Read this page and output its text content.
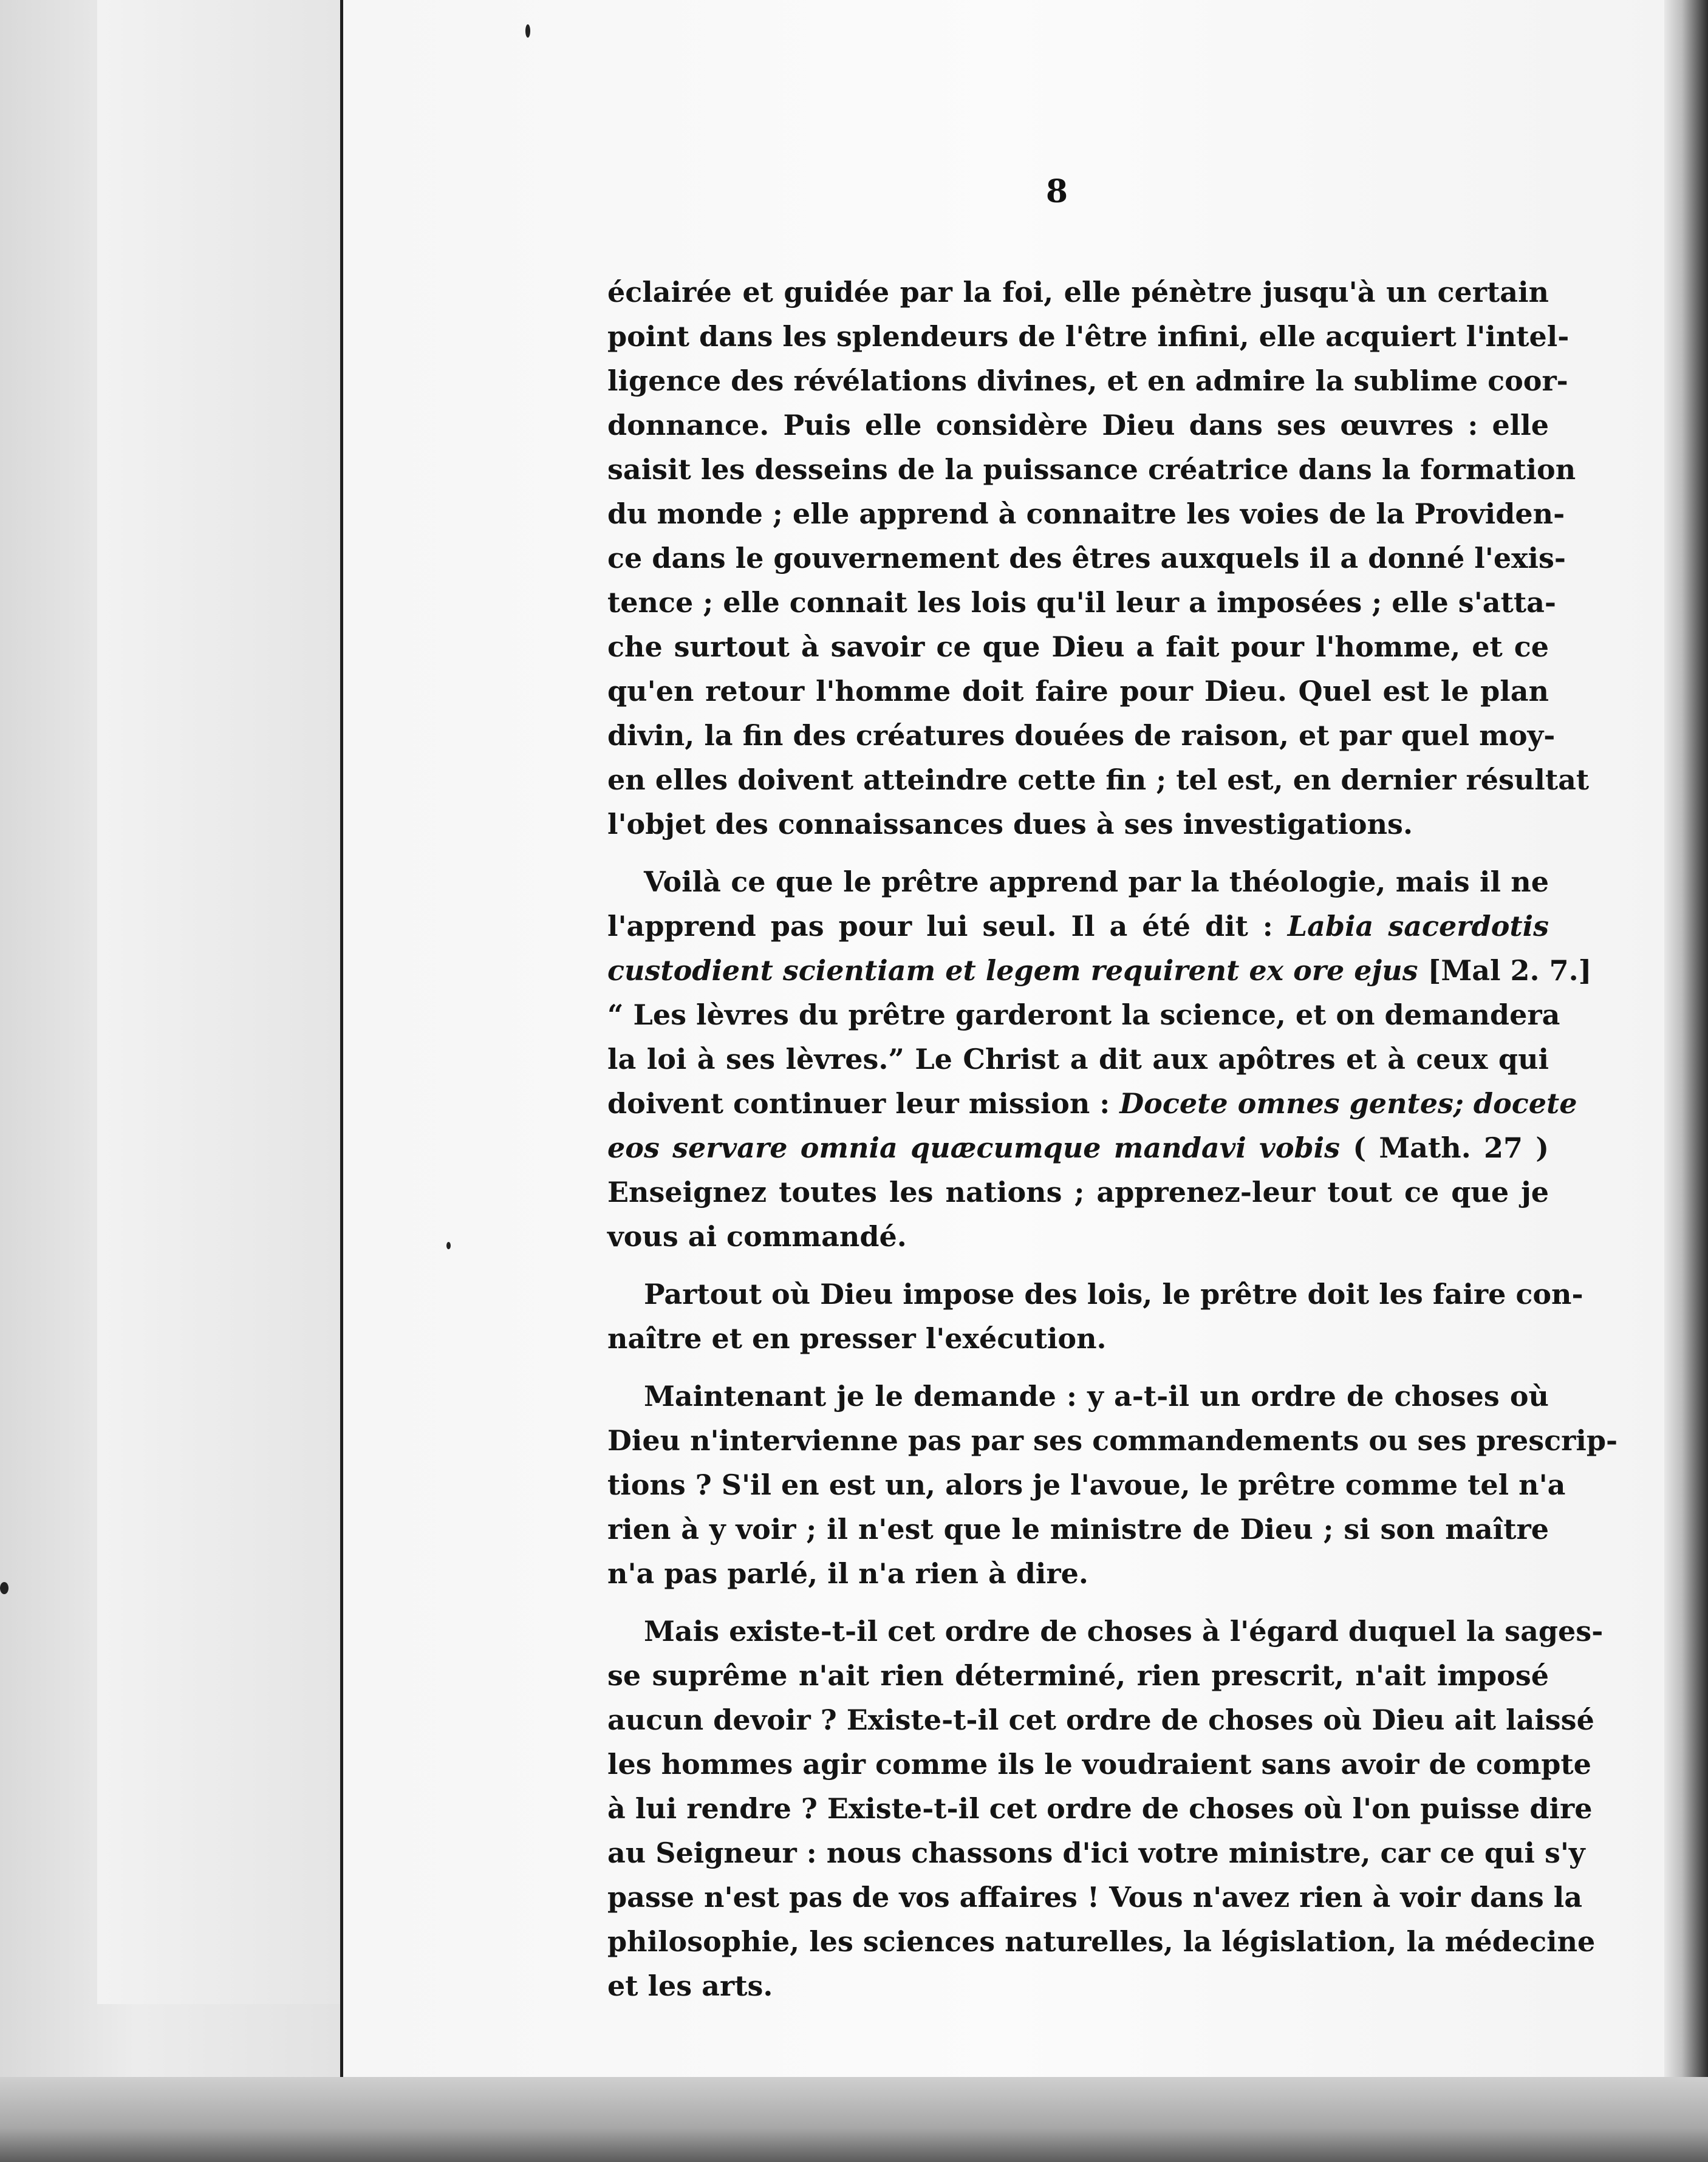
8
éclairée et guidée par la foi, elle pénètre jusqu'à un certain
point dans les splendeurs de l'être infini, elle acquiert l'intel-
ligence des révélations divines, et en admire la sublime coor-
donnance. Puis elle considère Dieu dans ses œuvres : elle
saisit les desseins de la puissance créatrice dans la formation
du monde ; elle apprend à connaitre les voies de la Providen-
ce dans le gouvernement des êtres auxquels il a donné l'exis-
tence ; elle connait les lois qu'il leur a imposées ; elle s'atta-
che surtout à savoir ce que Dieu a fait pour l'homme, et ce
qu'en retour l'homme doit faire pour Dieu. Quel est le plan
divin, la fin des créatures douées de raison, et par quel moy-
en elles doivent atteindre cette fin ; tel est, en dernier résultat
l'objet des connaissances dues à ses investigations.
Voilà ce que le prêtre apprend par la théologie, mais il ne
l'apprend pas pour lui seul. Il a été dit : Labia sacerdotis
custodient scientiam et legem requirent ex ore ejus [Mal 2. 7.]
“ Les lèvres du prêtre garderont la science, et on demandera
la loi à ses lèvres.” Le Christ a dit aux apôtres et à ceux qui
doivent continuer leur mission : Docete omnes gentes; docete
eos servare omnia quæcumque mandavi vobis ( Math. 27 )
Enseignez toutes les nations ; apprenez-leur tout ce que je
vous ai commandé.
Partout où Dieu impose des lois, le prêtre doit les faire con-
naître et en presser l'exécution.
Maintenant je le demande : y a-t-il un ordre de choses où
Dieu n'intervienne pas par ses commandements ou ses prescrip-
tions ? S'il en est un, alors je l'avoue, le prêtre comme tel n'a
rien à y voir ; il n'est que le ministre de Dieu ; si son maître
n'a pas parlé, il n'a rien à dire.
Mais existe-t-il cet ordre de choses à l'égard duquel la sages-
se suprême n'ait rien déterminé, rien prescrit, n'ait imposé
aucun devoir ? Existe-t-il cet ordre de choses où Dieu ait laissé
les hommes agir comme ils le voudraient sans avoir de compte
à lui rendre ? Existe-t-il cet ordre de choses où l'on puisse dire
au Seigneur : nous chassons d'ici votre ministre, car ce qui s'y
passe n'est pas de vos affaires ! Vous n'avez rien à voir dans la
philosophie, les sciences naturelles, la législation, la médecine
et les arts.
